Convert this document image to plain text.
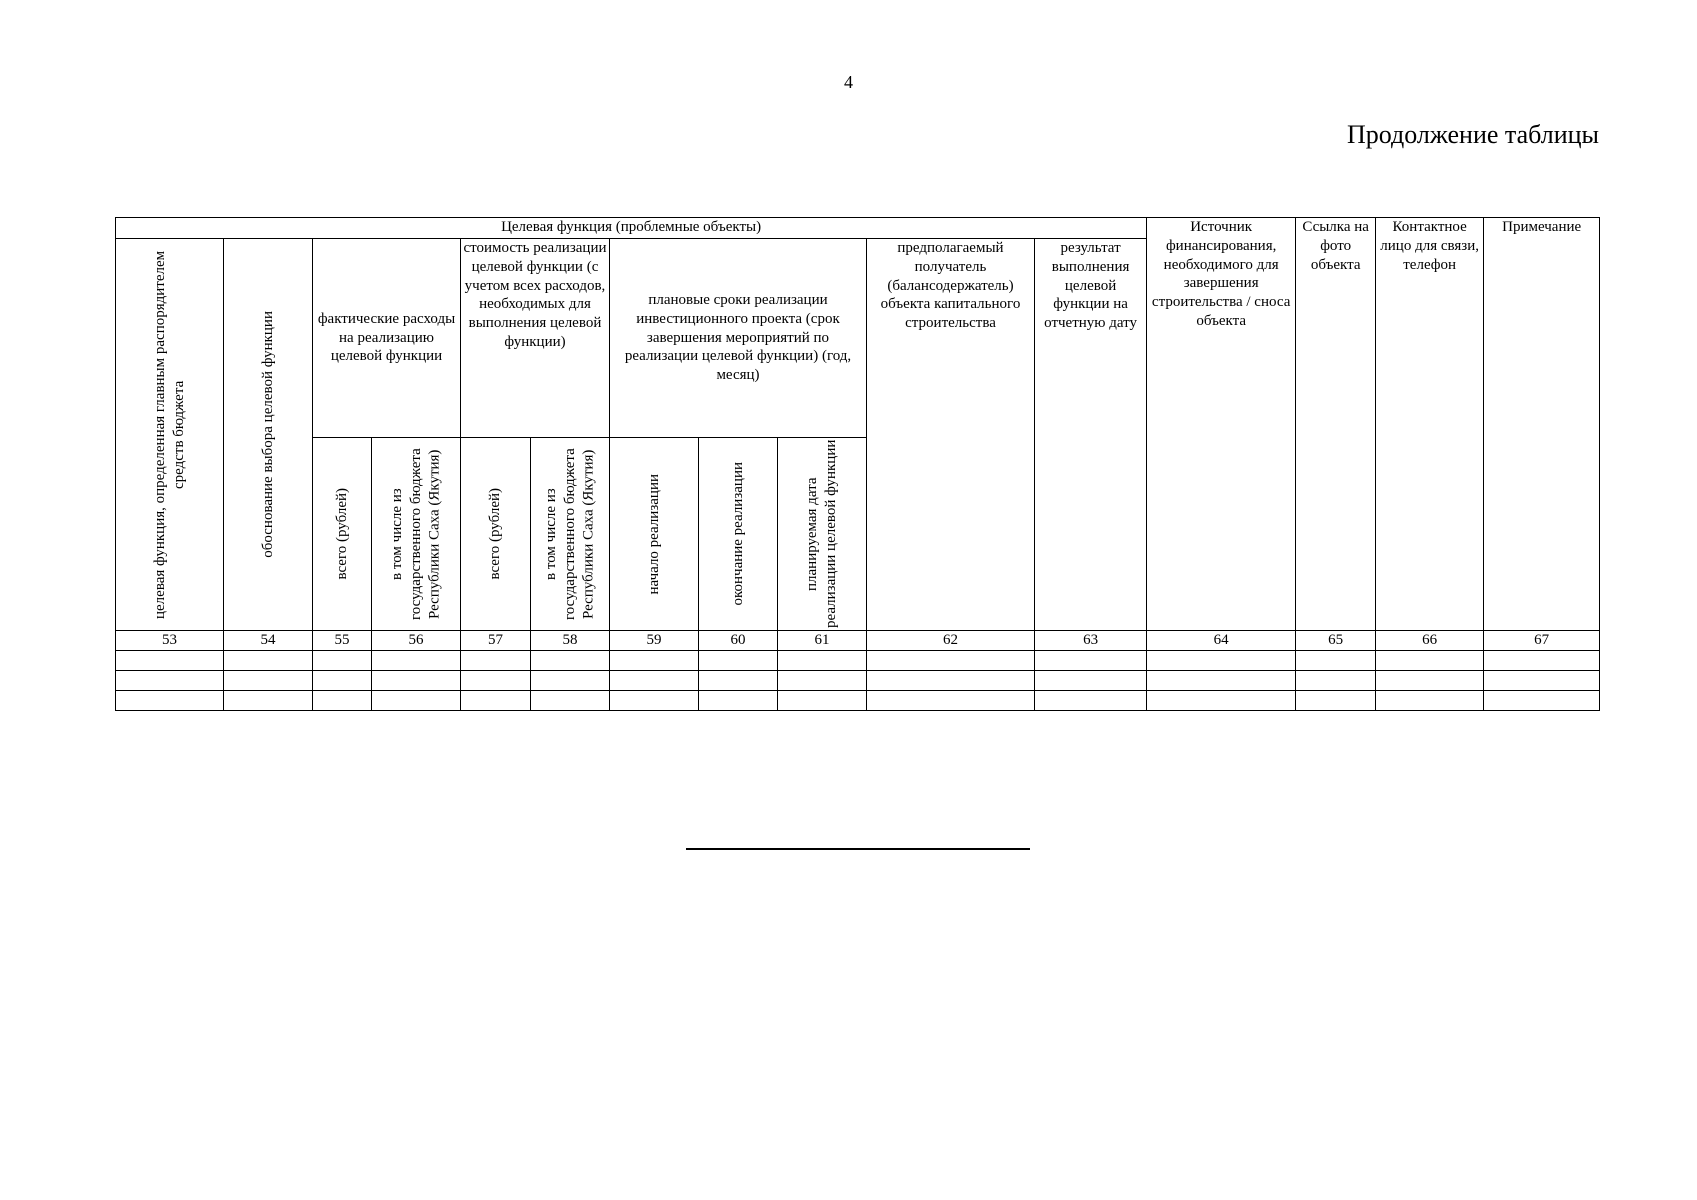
4
Продолжение таблицы
Целевая функция (проблемные объекты)											Источник финансирования, необходимого для завершения строительства / сноса объекта	Ссылка на фото объекта	Контактное лицо для связи, телефон	Примечание

целевая функция, определенная главным распорядителем средств бюджета	обоснование выбора целевой функции	фактические расходы на реализацию целевой функции		стоимость реализации целевой функции (с учетом всех расходов, необходимых для выполнения целевой функции)		плановые сроки реализации инвестиционного проекта (срок завершения мероприятий по реализации целевой функции) (год, месяц)			предполагаемый получатель (балансодержатель) объекта капитального строительства	результат выполнения целевой функции на отчетную дату				

		всего (рублей)	в том числе из государственного бюджета Республики Саха (Якутия)	всего (рублей)	в том числе из государственного бюджета Республики Саха (Якутия)	начало реализации	окончание реализации	планируемая дата реализации целевой функции						

53	54	55	56	57	58	59	60	61	62	63	64	65	66	67
